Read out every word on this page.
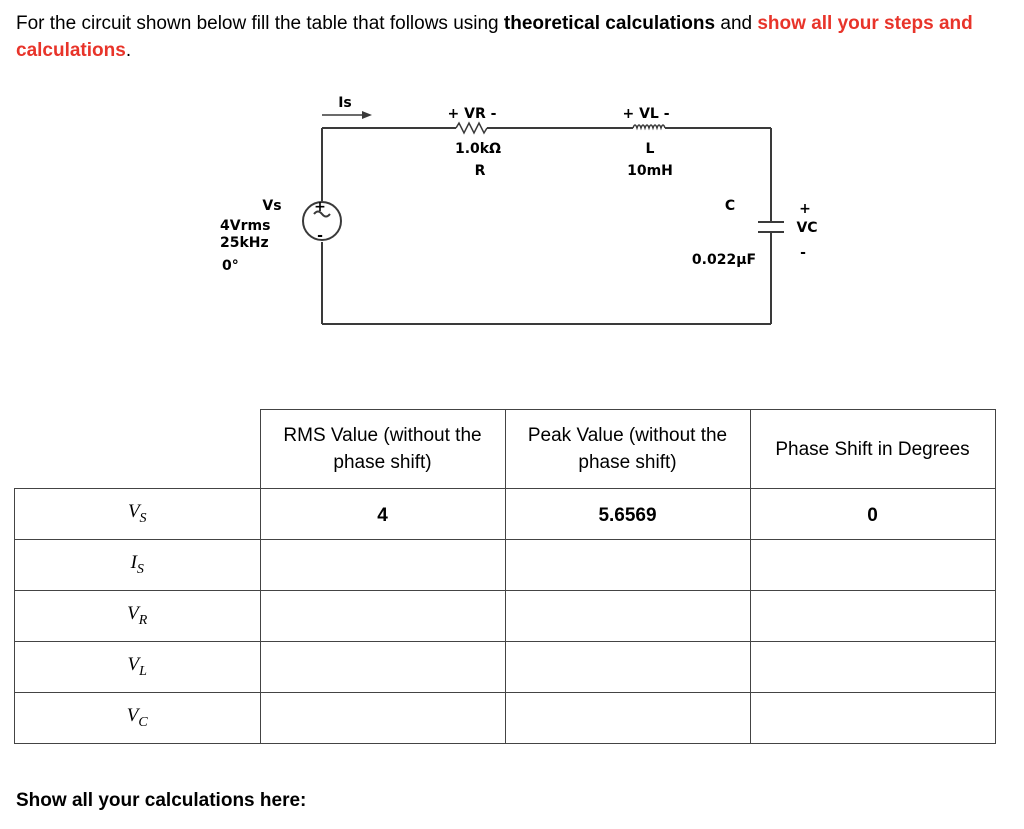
For the circuit shown below fill the table that follows using theoretical calculations and show all your steps and calculations.
+
-
Is
+ VR -
1.0kΩ
R
+ VL -
L
10mH
C
0.022µF
+
VC
-
Vs
4Vrms
25kHz
0°
	RMS Value (without the phase shift)	Peak Value (without the phase shift)	Phase Shift in Degrees
$V_S$	4	5.6569	0
$I_S$			
$V_R$			
$V_L$			
$V_C$			
Show all your calculations here:
